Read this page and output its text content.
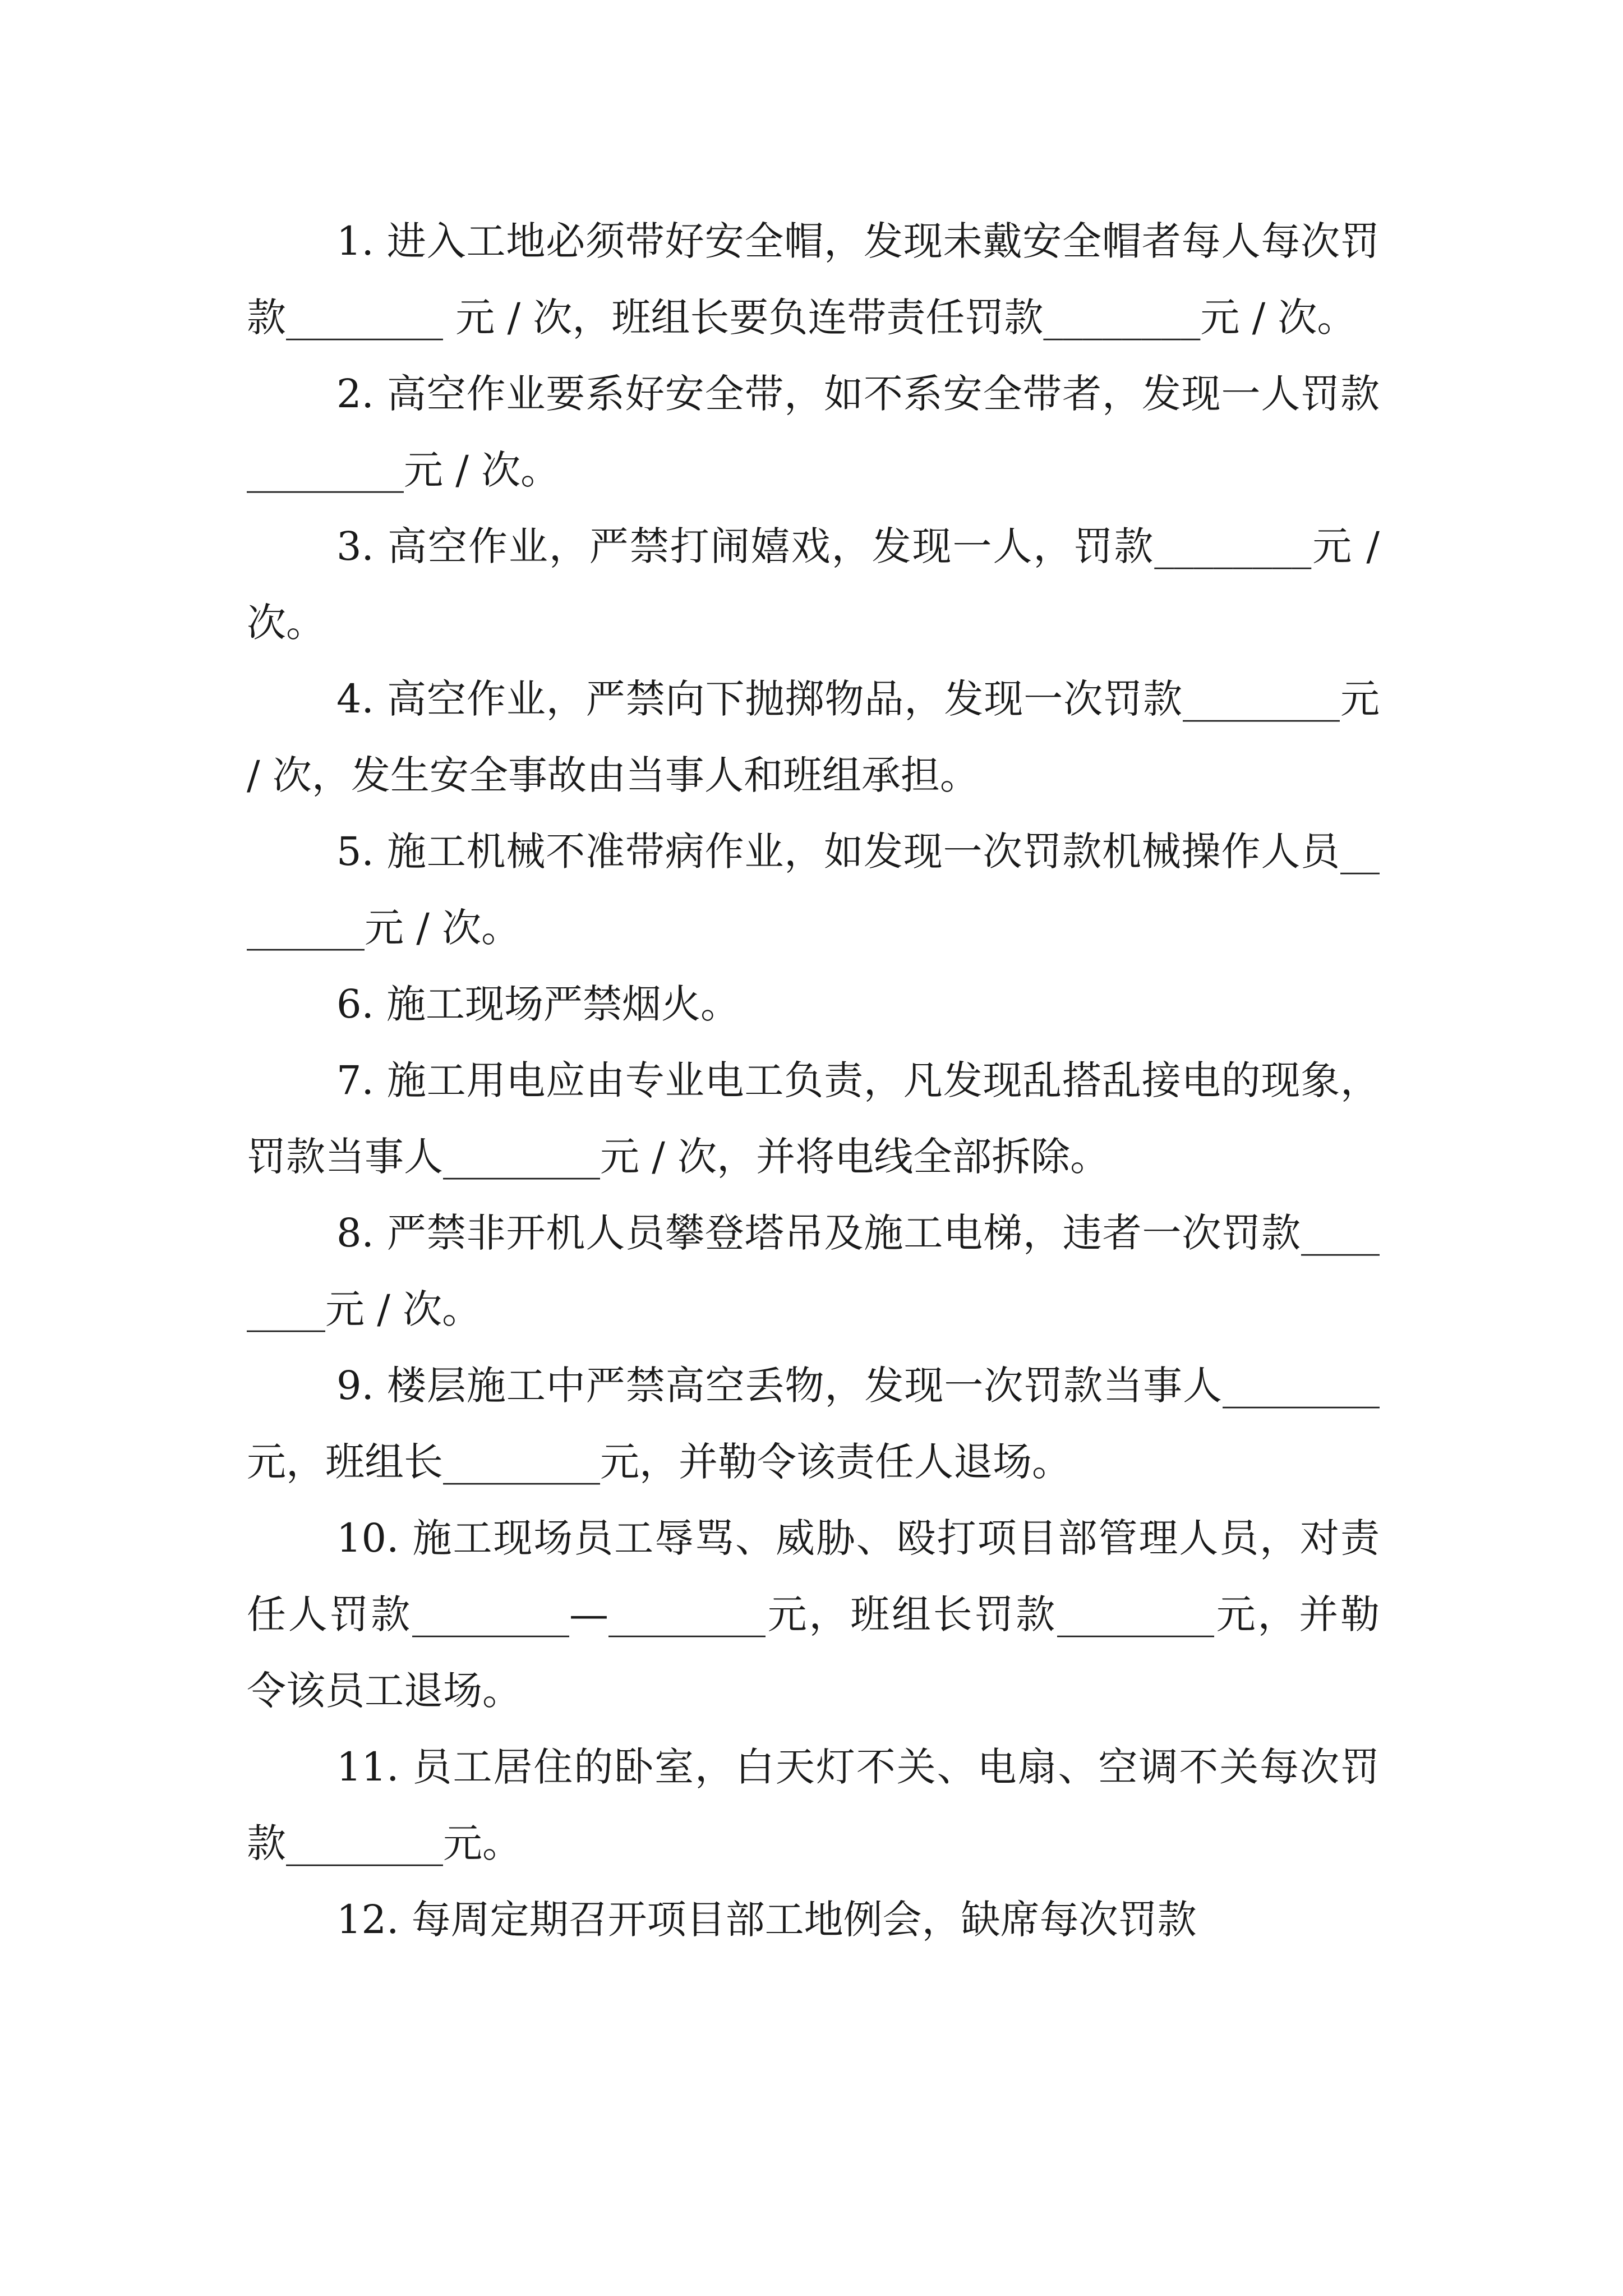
1. 进入工地必须带好安全帽，发现未戴安全帽者每人每次罚款________ 元 / 次，班组长要负连带责任罚款________元 / 次。

2. 高空作业要系好安全带，如不系安全带者，发现一人罚款________元 / 次。

3. 高空作业，严禁打闹嬉戏，发现一人，罚款________元 / 次。

4. 高空作业，严禁向下抛掷物品，发现一次罚款________元 / 次，发生安全事故由当事人和班组承担。

5. 施工机械不准带病作业，如发现一次罚款机械操作人员________元 / 次。

6. 施工现场严禁烟火。

7. 施工用电应由专业电工负责，凡发现乱搭乱接电的现象，罚款当事人________元 / 次，并将电线全部拆除。

8. 严禁非开机人员攀登塔吊及施工电梯，违者一次罚款________元 / 次。

9. 楼层施工中严禁高空丢物，发现一次罚款当事人________元，班组长________元，并勒令该责任人退场。

10. 施工现场员工辱骂、威胁、殴打项目部管理人员，对责任人罚款________—________元，班组长罚款________元，并勒令该员工退场。

11. 员工居住的卧室，白天灯不关、电扇、空调不关每次罚款________元。

12. 每周定期召开项目部工地例会，缺席每次罚款
